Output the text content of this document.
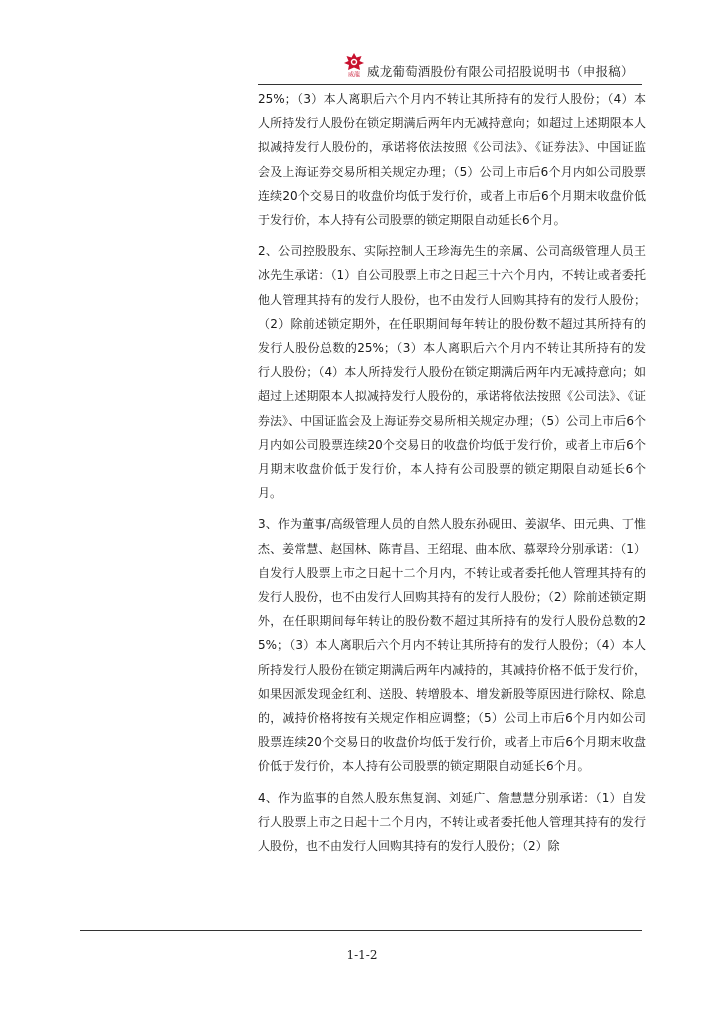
威龍 威龙葡萄酒股份有限公司招股说明书（申报稿）

25%；（3）本人离职后六个月内不转让其所持有的发行人股份；（4）本人所持发行人股份在锁定期满后两年内无减持意向；如超过上述期限本人拟减持发行人股份的，承诺将依法按照《公司法》、《证券法》、中国证监会及上海证券交易所相关规定办理；（5）公司上市后6个月内如公司股票连续20个交易日的收盘价均低于发行价，或者上市后6个月期末收盘价低于发行价，本人持有公司股票的锁定期限自动延长6个月。

2、公司控股股东、实际控制人王珍海先生的亲属、公司高级管理人员王冰先生承诺：（1）自公司股票上市之日起三十六个月内，不转让或者委托他人管理其持有的发行人股份，也不由发行人回购其持有的发行人股份；（2）除前述锁定期外，在任职期间每年转让的股份数不超过其所持有的发行人股份总数的25%；（3）本人离职后六个月内不转让其所持有的发行人股份；（4）本人所持发行人股份在锁定期满后两年内无减持意向；如超过上述期限本人拟减持发行人股份的，承诺将依法按照《公司法》、《证券法》、中国证监会及上海证券交易所相关规定办理；（5）公司上市后6个月内如公司股票连续20个交易日的收盘价均低于发行价，或者上市后6个月期末收盘价低于发行价，本人持有公司股票的锁定期限自动延长6个月。

3、作为董事/高级管理人员的自然人股东孙砚田、姜淑华、田元典、丁惟杰、姜常慧、赵国林、陈青昌、王绍琨、曲本欣、慕翠玲分别承诺：（1）自发行人股票上市之日起十二个月内，不转让或者委托他人管理其持有的发行人股份，也不由发行人回购其持有的发行人股份；（2）除前述锁定期外，在任职期间每年转让的股份数不超过其所持有的发行人股份总数的25%；（3）本人离职后六个月内不转让其所持有的发行人股份；（4）本人所持发行人股份在锁定期满后两年内减持的，其减持价格不低于发行价，如果因派发现金红利、送股、转增股本、增发新股等原因进行除权、除息的，减持价格将按有关规定作相应调整；（5）公司上市后6个月内如公司股票连续20个交易日的收盘价均低于发行价，或者上市后6个月期末收盘价低于发行价，本人持有公司股票的锁定期限自动延长6个月。

4、作为监事的自然人股东焦复润、刘延广、詹慧慧分别承诺：（1）自发行人股票上市之日起十二个月内，不转让或者委托他人管理其持有的发行人股份，也不由发行人回购其持有的发行人股份；（2）除

1-1-2
